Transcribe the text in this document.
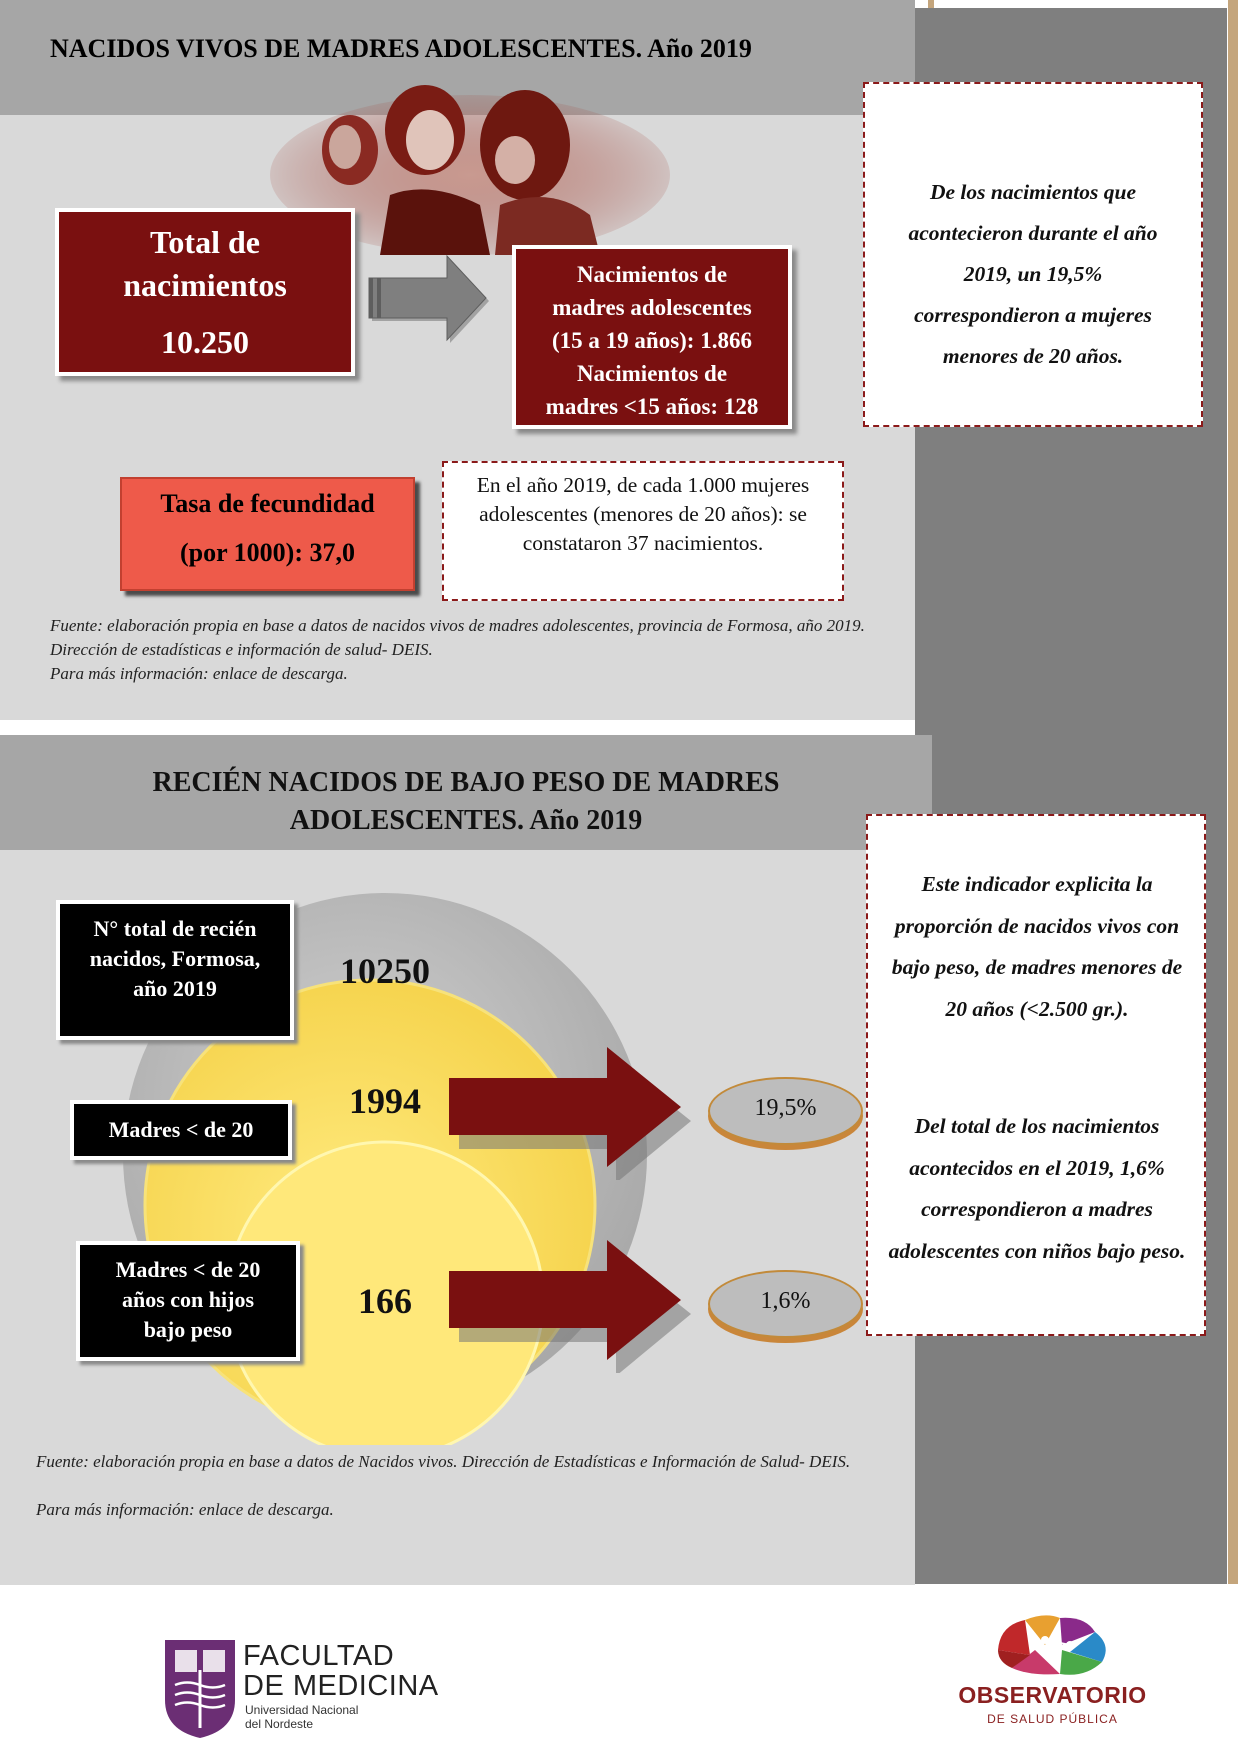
NACIDOS VIVOS DE MADRES ADOLESCENTES. Año 2019
Total de
nacimientos
10.250
Nacimientos de
madres adolescentes
(15 a 19 años): 1.866
Nacimientos de
madres <15 años: 128
De los nacimientos que acontecieron durante el año 2019, un 19,5% correspondieron a mujeres menores de 20 años.
Tasa de fecundidad
(por 1000): 37,0
En el año 2019, de cada 1.000 mujeres adolescentes (menores de 20 años): se constataron 37 nacimientos.
Fuente: elaboración propia en base a datos de nacidos vivos de madres adolescentes, provincia de Formosa, año 2019. Dirección de estadísticas e información de salud- DEIS.
Para más información: enlace de descarga.
RECIÉN NACIDOS DE BAJO PESO DE MADRES
ADOLESCENTES. Año 2019
10250
1994
166
N° total de recién
nacidos, Formosa,
año 2019
Madres < de 20
Madres < de 20
años con hijos
bajo peso
19,5%
1,6%
Este indicador explicita la proporción de nacidos vivos con bajo peso, de madres menores de 20 años (<2.500 gr.).
Del total de los nacimientos acontecidos en el 2019, 1,6% correspondieron a madres adolescentes con niños bajo peso.
Fuente: elaboración propia en base a datos de Nacidos vivos. Dirección de Estadísticas e Información de Salud- DEIS.
Para más información: enlace de descarga.
FACULTAD
DE MEDICINA
Universidad Nacional
del Nordeste
OBSERVATORIO
DE SALUD PÚBLICA
